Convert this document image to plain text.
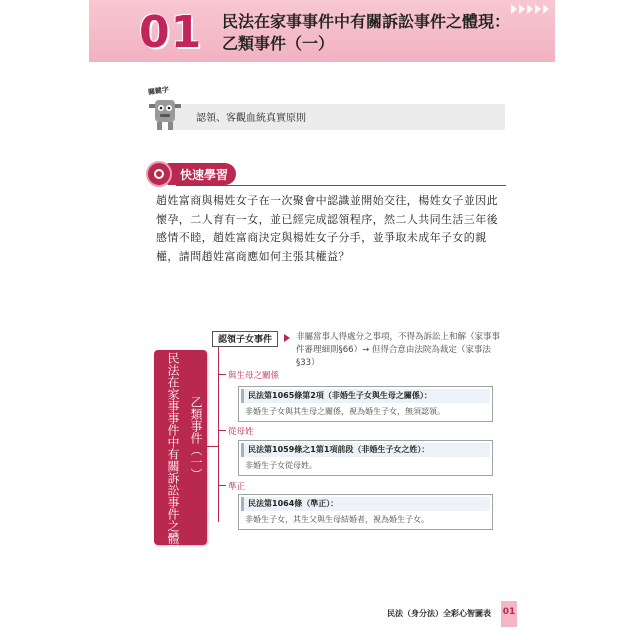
01 民法在家事事件中有關訴訟事件之體現：
乙類事件（一）
關鍵字
認領、客觀血統真實原則
快速學習

趙姓富商與楊姓女子在一次聚會中認識並開始交往，楊姓女子並因此懷孕，二人育有一女，並已經完成認領程序，然二人共同生活三年後感情不睦，趙姓富商決定與楊姓女子分手，並爭取未成年子女的親權，請問趙姓富商應如何主張其權益？

民法在家事事件中有關訴訟事件之體現： 乙類事件（一）
認領子女事件	非屬當事人得處分之事項，不得為訴訟上和解（家事事件審理細則§66）→ 但得合意由法院為裁定（家事法§33）

與生母之關係
民法第1065條第2項（非婚生子女與生母之關係）：
非婚生子女與其生母之關係，視為婚生子女，無須認領。
從母姓
民法第1059條之1第1項前段（非婚生子女之姓）：
非婚生子女從母姓。
準正
民法第1064條（準正）：
非婚生子女，其生父與生母結婚者，視為婚生子女。
民法（身分法）全彩心智圖表 01
